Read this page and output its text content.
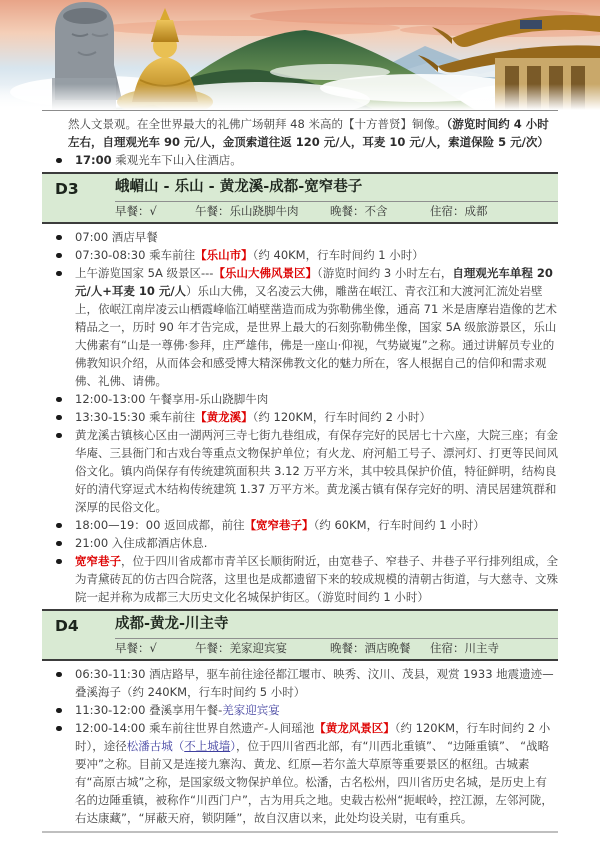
然人文景观。在全世界最大的礼佛广场朝拜 48 米高的【十方普贤】铜像。（游览时间约 4 小时左右，自理观光车 90 元/人，金顶索道往返 120 元/人，耳麦 10 元/人，索道保险 5 元/次）
17:00 乘观光车下山入住酒店。
D3	峨嵋山 - 乐山 - 黄龙溪-成都-宽窄巷子
早餐：√	午餐：乐山跷脚牛肉	晚餐：不含	住宿：成都
07:00 酒店早餐
07:30-08:30 乘车前往【乐山市】（约 40KM，行车时间约 1 小时）
上午游览国家 5A 级景区---【乐山大佛风景区】（游览时间约 3 小时左右，自理观光车单程 20 元/人+耳麦 10 元/人）乐山大佛，又名凌云大佛，雕凿在岷江、青衣江和大渡河汇流处岩壁上，依岷江南岸凌云山栖霞峰临江峭壁凿造而成为弥勒佛坐像，通高 71 米是唐摩岩造像的艺术精品之一，历时 90 年才告完成，是世界上最大的石刻弥勒佛坐像，国家 5A 级旅游景区，乐山大佛素有“山是一尊佛·参拜，庄严雄伟，佛是一座山·仰视，气势崴嵬”之称。通过讲解员专业的佛教知识介绍，从而体会和感受博大精深佛教文化的魅力所在，客人根据自己的信仰和需求观佛、礼佛、请佛。
12:00-13:00 午餐享用-乐山跷脚牛肉
13:30-15:30 乘车前往【黄龙溪】（约 120KM，行车时间约 2 小时）
黄龙溪古镇核心区由一湖两河三寺七街九巷组成，有保存完好的民居七十六座，大院三座；有金华庵、三县衙门和古戏台等重点文物保护单位；有火龙、府河船工号子、漂河灯、打更等民间风俗文化。镇内尚保存有传统建筑面积共 3.12 万平方米，其中较具保护价值，特征鲜明，结构良好的清代穿逗式木结构传统建筑 1.37 万平方米。黄龙溪古镇有保存完好的明、清民居建筑群和深厚的民俗文化。
18:00—19：00 返回成都，前往【宽窄巷子】（约 60KM，行车时间约 1 小时）
21:00 入住成都酒店休息.
宽窄巷子，位于四川省成都市青羊区长顺街附近，由宽巷子、窄巷子、井巷子平行排列组成，全为青黛砖瓦的仿古四合院落，这里也是成都遗留下来的较成规模的清朝古街道，与大慈寺、文殊院一起并称为成都三大历史文化名城保护街区。（游览时间约 1 小时）
D4	成都-黄龙-川主寺
早餐：√	午餐：羌家迎宾宴	晚餐：酒店晚餐	住宿：川主寺
06:30-11:30 酒店路早，驱车前往途径都江堰市、映秀、汶川、茂县，观赏 1933 地震遗迹—叠溪海子（约 240KM，行车时间约 5 小时）
11:30-12:00 叠溪享用午餐-羌家迎宾宴
12:00-14:00 乘车前往世界自然遗产-人间瑶池【黄龙风景区】（约 120KM，行车时间约 2 小时），途径松潘古城（不上城墙），位于四川省西北部，有“川西北重镇”、 “边陲重镇”、 “战略要冲”之称。目前又是连接九寨沟、黄龙、红原—若尔盖大草原等重要景区的枢纽。古城素有“高原古城”之称，是国家级文物保护单位。松潘，古名松州，四川省历史名城，是历史上有名的边陲重镇，被称作“川西门户”，古为用兵之地。史载古松州“扼岷岭，控江源，左邻河陇，右达康藏”，“屏蔽天府，锁阴陲”，故自汉唐以来，此处均设关尉，屯有重兵。
